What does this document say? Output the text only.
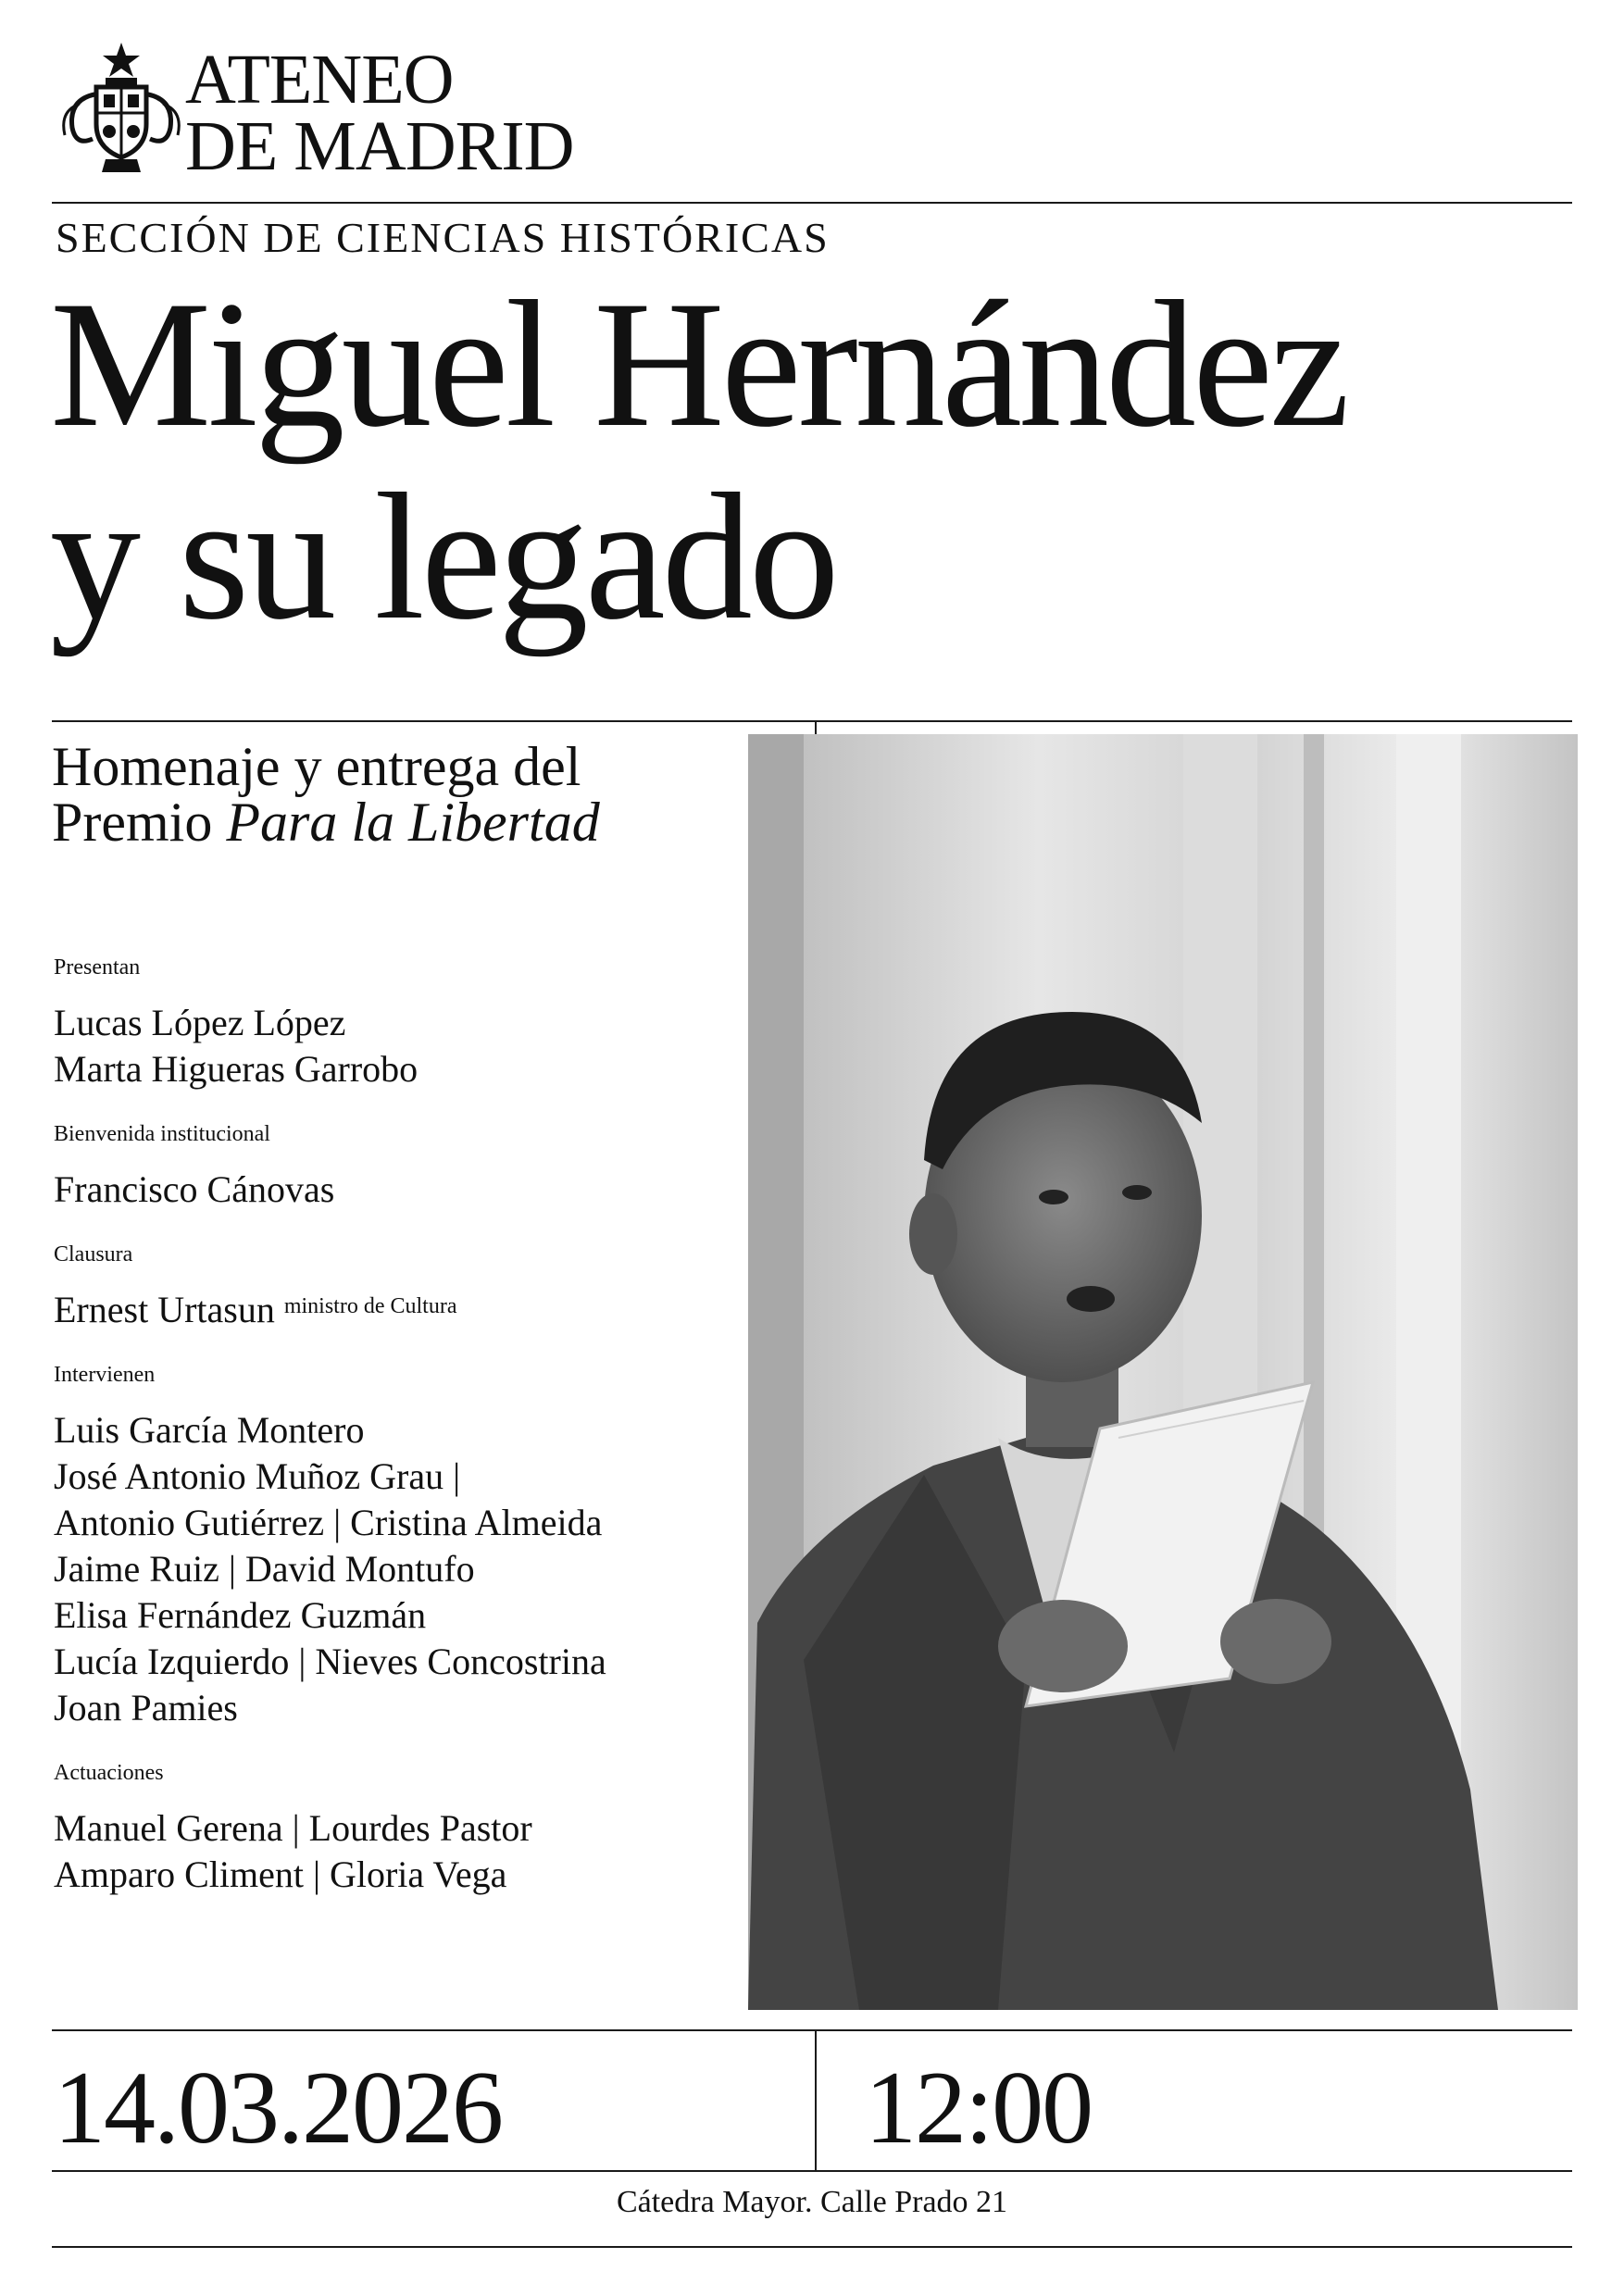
ATENEO
DE MADRID
SECCIÓN DE CIENCIAS HISTÓRICAS
Miguel Hernández
y su legado
Homenaje y entrega del
Premio Para la Libertad
Presentan
Lucas López López
Marta Higueras Garrobo
Bienvenida institucional
Francisco Cánovas
Clausura
Ernest Urtasun $^{ministro de Cultura}$
Intervienen
Luis García Montero
José Antonio Muñoz Grau |
Antonio Gutiérrez | Cristina Almeida
Jaime Ruiz | David Montufo
Elisa Fernández Guzmán
Lucía Izquierdo | Nieves Concostrina
Joan Pamies
Actuaciones
Manuel Gerena | Lourdes Pastor
Amparo Climent | Gloria Vega
14.03.2026	12:00
Cátedra Mayor. Calle Prado 21
